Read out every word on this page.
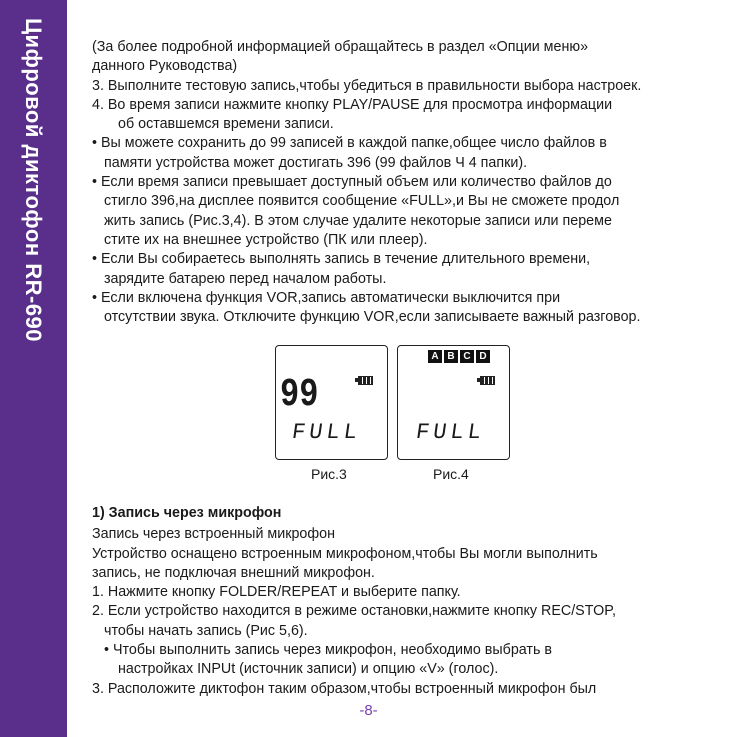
Цифровой диктофон RR-690	(За более подробной информацией обращайтесь в раздел «Опции меню»

данного Руководства)

3. Выполните тестовую запись,чтобы убедиться в правильности выбора настроек.

4. Во время записи нажмите кнопку PLAY/PAUSE для просмотра информации

об оставшемся времени записи.

• Вы можете сохранить до 99 записей в каждой папке,общее число файлов в

памяти устройства может достигать 396 (99 файлов Ч 4 папки).

• Если время записи превышает доступный объем или количество файлов до

стигло 396,на дисплее появится сообщение «FULL»,и Вы не сможете продол

жить запись (Рис.3,4). В этом случае удалите некоторые записи или переме

стите их на внешнее устройство (ПК или плеер).

• Если Вы собираетесь выполнять запись в течение длительного времени,

зарядите батарею перед началом работы.

• Если включена функция VOR,запись автоматически выключится при

отсутствии звука. Отключите функцию VOR,если записываете важный разговор.

99
FULL
A B C D
FULL
Рис.3	Рис.4

1) Запись через микрофон

Запись через встроенный микрофон

Устройство оснащено встроенным микрофоном,чтобы Вы могли выполнить

запись, не подключая внешний микрофон.

1. Нажмите кнопку FOLDER/REPEAT и выберите папку.

2. Если устройство находится в режиме остановки,нажмите кнопку REC/STOP,

чтобы начать запись (Рис 5,6).

• Чтобы выполнить запись через микрофон, необходимо выбрать в

настройках INPUt (источник записи) и опцию «V» (голос).

3. Расположите диктофон таким образом,чтобы встроенный микрофон был

-8-
